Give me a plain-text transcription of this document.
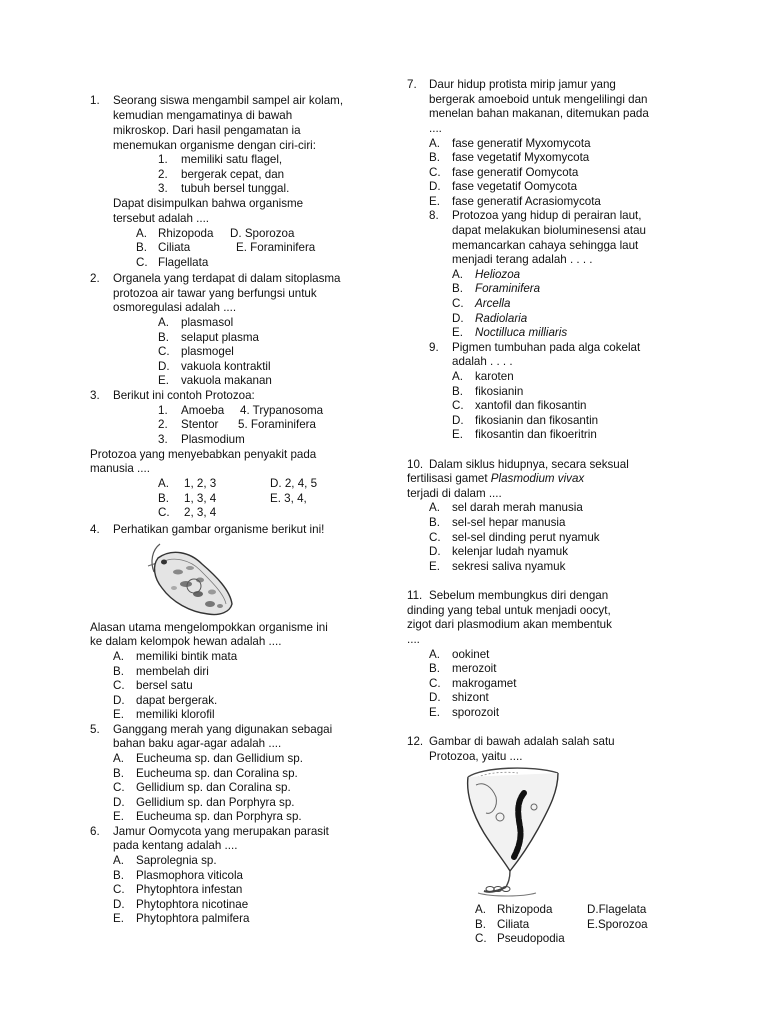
1. Seorang siswa mengambil sampel air kolam,
kemudian mengamatinya di bawah
mikroskop. Dari hasil pengamatan ia
menemukan organisme dengan ciri-ciri:
1. memiliki satu flagel,
2. bergerak cepat, dan
3. tubuh bersel tunggal.
Dapat disimpulkan bahwa organisme
tersebut adalah ....
A. Rhizopoda D. Sporozoa
B. Ciliata	E. Foraminifera
C. Flagellata
2. Organela yang terdapat di dalam sitoplasma
protozoa air tawar yang berfungsi untuk
osmoregulasi adalah ....
A. plasmasol
B. selaput plasma
C. plasmogel
D. vakuola kontraktil
E. vakuola makanan
3. Berikut ini contoh Protozoa:
1. Amoeba 4. Trypanosoma
2. Stentor 5. Foraminifera
3. Plasmodium
Protozoa yang menyebabkan penyakit pada
manusia ....
A. 1, 2, 3	D. 2, 4, 5
B. 1, 3, 4	E. 3, 4,
C. 2, 3, 4
4. Perhatikan gambar organisme berikut ini!
Alasan utama mengelompokkan organisme ini
ke dalam kelompok hewan adalah ....
A. memiliki bintik mata
B. membelah diri
C. bersel satu
D. dapat bergerak.
E. memiliki klorofil
5. Ganggang merah yang digunakan sebagai
bahan baku agar-agar adalah ....
A. Eucheuma sp. dan Gellidium sp.
B. Eucheuma sp. dan Coralina sp.
C. Gellidium sp. dan Coralina sp.
D. Gellidium sp. dan Porphyra sp.
E. Eucheuma sp. dan Porphyra sp.
6. Jamur Oomycota yang merupakan parasit
pada kentang adalah ....
A. Saprolegnia sp.
B. Plasmophora viticola
C. Phytophtora infestan
D. Phytophtora nicotinae
E. Phytophtora palmifera
7. Daur hidup protista mirip jamur yang
bergerak amoeboid untuk mengelilingi dan
menelan bahan makanan, ditemukan pada
....
A. fase generatif Myxomycota
B. fase vegetatif Myxomycota
C. fase generatif Oomycota
D. fase vegetatif Oomycota
E. fase generatif Acrasiomycota
8. Protozoa yang hidup di perairan laut,
dapat melakukan bioluminesensi atau
memancarkan cahaya sehingga laut
menjadi terang adalah . . . .
A. Heliozoa
B. Foraminifera
C. Arcella
D. Radiolaria
E. Noctilluca milliaris
9. Pigmen tumbuhan pada alga cokelat
adalah . . . .
A. karoten
B. fikosianin
C. xantofil dan fikosantin
D. fikosianin dan fikosantin
E. fikosantin dan fikoeritrin
10. Dalam siklus hidupnya, secara seksual
fertilisasi gamet Plasmodium vivax
terjadi di dalam ....
A. sel darah merah manusia
B. sel-sel hepar manusia
C. sel-sel dinding perut nyamuk
D. kelenjar ludah nyamuk
E. sekresi saliva nyamuk
11. Sebelum membungkus diri dengan
dinding yang tebal untuk menjadi oocyt,
zigot dari plasmodium akan membentuk
....
A. ookinet
B. merozoit
C. makrogamet
D. shizont
E. sporozoit
12. Gambar di bawah adalah salah satu
Protozoa, yaitu ....
A. Rhizopoda	D.Flagelata
B. Ciliata	E.Sporozoa
C. Pseudopodia
